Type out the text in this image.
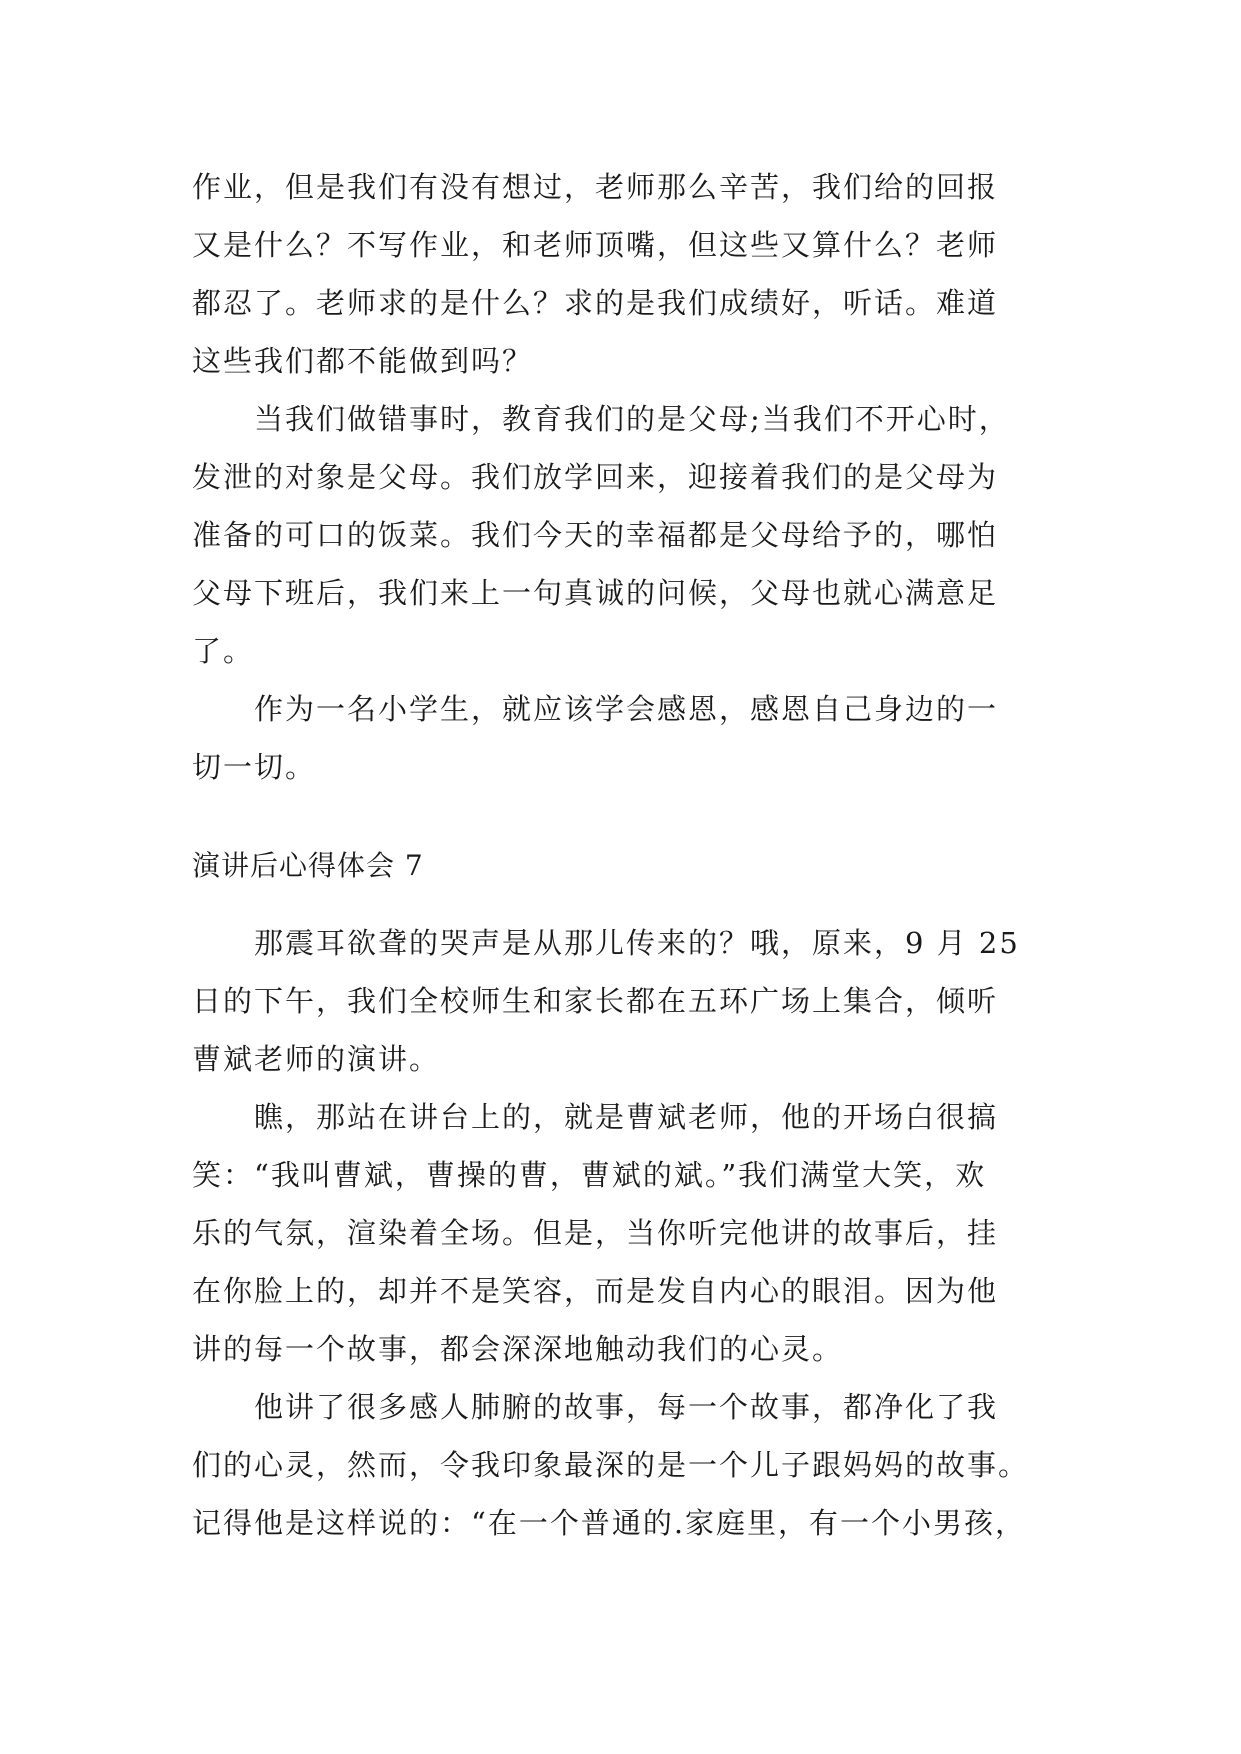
作业，但是我们有没有想过，老师那么辛苦，我们给的回报
又是什么？不写作业，和老师顶嘴，但这些又算什么？老师
都忍了。老师求的是什么？求的是我们成绩好，听话。难道
这些我们都不能做到吗？

当我们做错事时，教育我们的是父母;当我们不开心时，
发泄的对象是父母。我们放学回来，迎接着我们的是父母为
准备的可口的饭菜。我们今天的幸福都是父母给予的，哪怕
父母下班后，我们来上一句真诚的问候，父母也就心满意足
了。

作为一名小学生，就应该学会感恩，感恩自己身边的一
切一切。

演讲后心得体会 7

那震耳欲聋的哭声是从那儿传来的？哦，原来，9 月 25
日的下午，我们全校师生和家长都在五环广场上集合，倾听
曹斌老师的演讲。

瞧，那站在讲台上的，就是曹斌老师，他的开场白很搞
笑：“我叫曹斌，曹操的曹，曹斌的斌。”我们满堂大笑，欢
乐的气氛，渲染着全场。但是，当你听完他讲的故事后，挂
在你脸上的，却并不是笑容，而是发自内心的眼泪。因为他
讲的每一个故事，都会深深地触动我们的心灵。

他讲了很多感人肺腑的故事，每一个故事，都净化了我
们的心灵，然而，令我印象最深的是一个儿子跟妈妈的故事。
记得他是这样说的：“在一个普通的.家庭里，有一个小男孩，
